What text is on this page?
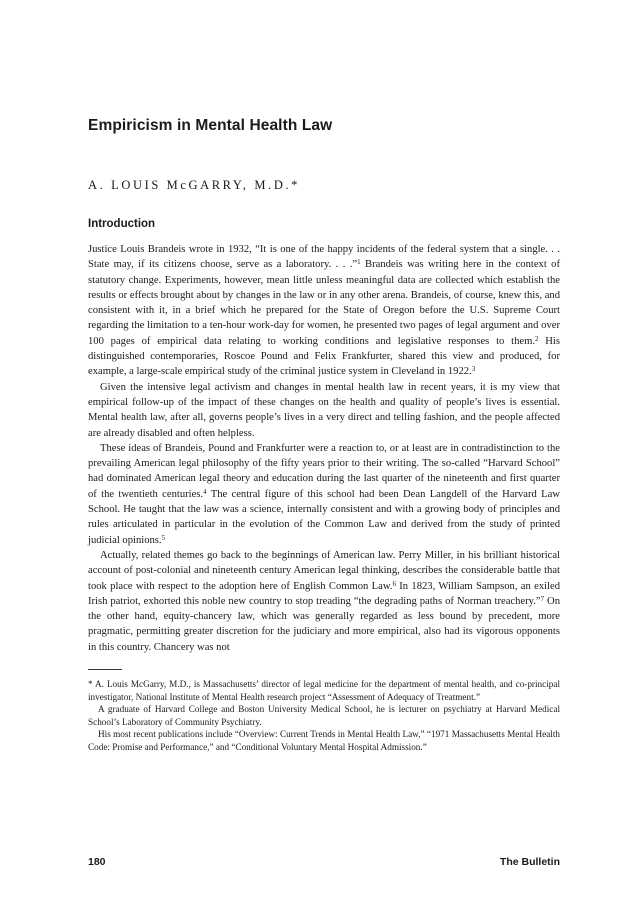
Empiricism in Mental Health Law
A. LOUIS McGARRY, M.D.*
Introduction

Justice Louis Brandeis wrote in 1932, “It is one of the happy incidents of the federal system that a single. . . State may, if its citizens choose, serve as a laboratory. . . .”$^1$ Brandeis was writing here in the context of statutory change. Experiments, however, mean little unless meaningful data are collected which establish the results or effects brought about by changes in the law or in any other arena. Brandeis, of course, knew this, and consistent with it, in a brief which he prepared for the State of Oregon before the U.S. Supreme Court regarding the limitation to a ten-hour work-day for women, he presented two pages of legal argument and over 100 pages of empirical data relating to working conditions and legislative responses to them.$^2$ His distinguished contemporaries, Roscoe Pound and Felix Frankfurter, shared this view and produced, for example, a large-scale empirical study of the criminal justice system in Cleveland in 1922.$^3$

Given the intensive legal activism and changes in mental health law in recent years, it is my view that empirical follow-up of the impact of these changes on the health and quality of people’s lives is essential. Mental health law, after all, governs people’s lives in a very direct and telling fashion, and the people affected are already disabled and often helpless.

These ideas of Brandeis, Pound and Frankfurter were a reaction to, or at least are in contradistinction to the prevailing American legal philosophy of the fifty years prior to their writing. The so-called “Harvard School” had dominated American legal theory and education during the last quarter of the nineteenth and first quarter of the twentieth centuries.$^4$ The central figure of this school had been Dean Langdell of the Harvard Law School. He taught that the law was a science, internally consistent and with a growing body of principles and rules articulated in particular in the evolution of the Common Law and derived from the study of printed judicial opinions.$^5$

Actually, related themes go back to the beginnings of American law. Perry Miller, in his brilliant historical account of post-colonial and nineteenth century American legal thinking, describes the considerable battle that took place with respect to the adoption here of English Common Law.$^6$ In 1823, William Sampson, an exiled Irish patriot, exhorted this noble new country to stop treading “the degrading paths of Norman treachery.”$^7$ On the other hand, equity-chancery law, which was generally regarded as less bound by precedent, more pragmatic, permitting greater discretion for the judiciary and more empirical, also had its vigorous opponents in this country. Chancery was not

* A. Louis McGarry, M.D., is Massachusetts’ director of legal medicine for the department of mental health, and co-principal investigator, National Institute of Mental Health research project “Assessment of Adequacy of Treatment.”

A graduate of Harvard College and Boston University Medical School, he is lecturer on psychiatry at Harvard Medical School’s Laboratory of Community Psychiatry.

His most recent publications include “Overview: Current Trends in Mental Health Law,” “1971 Massachusetts Mental Health Code: Promise and Performance,” and “Conditional Voluntary Mental Hospital Admission.”

180	The Bulletin
